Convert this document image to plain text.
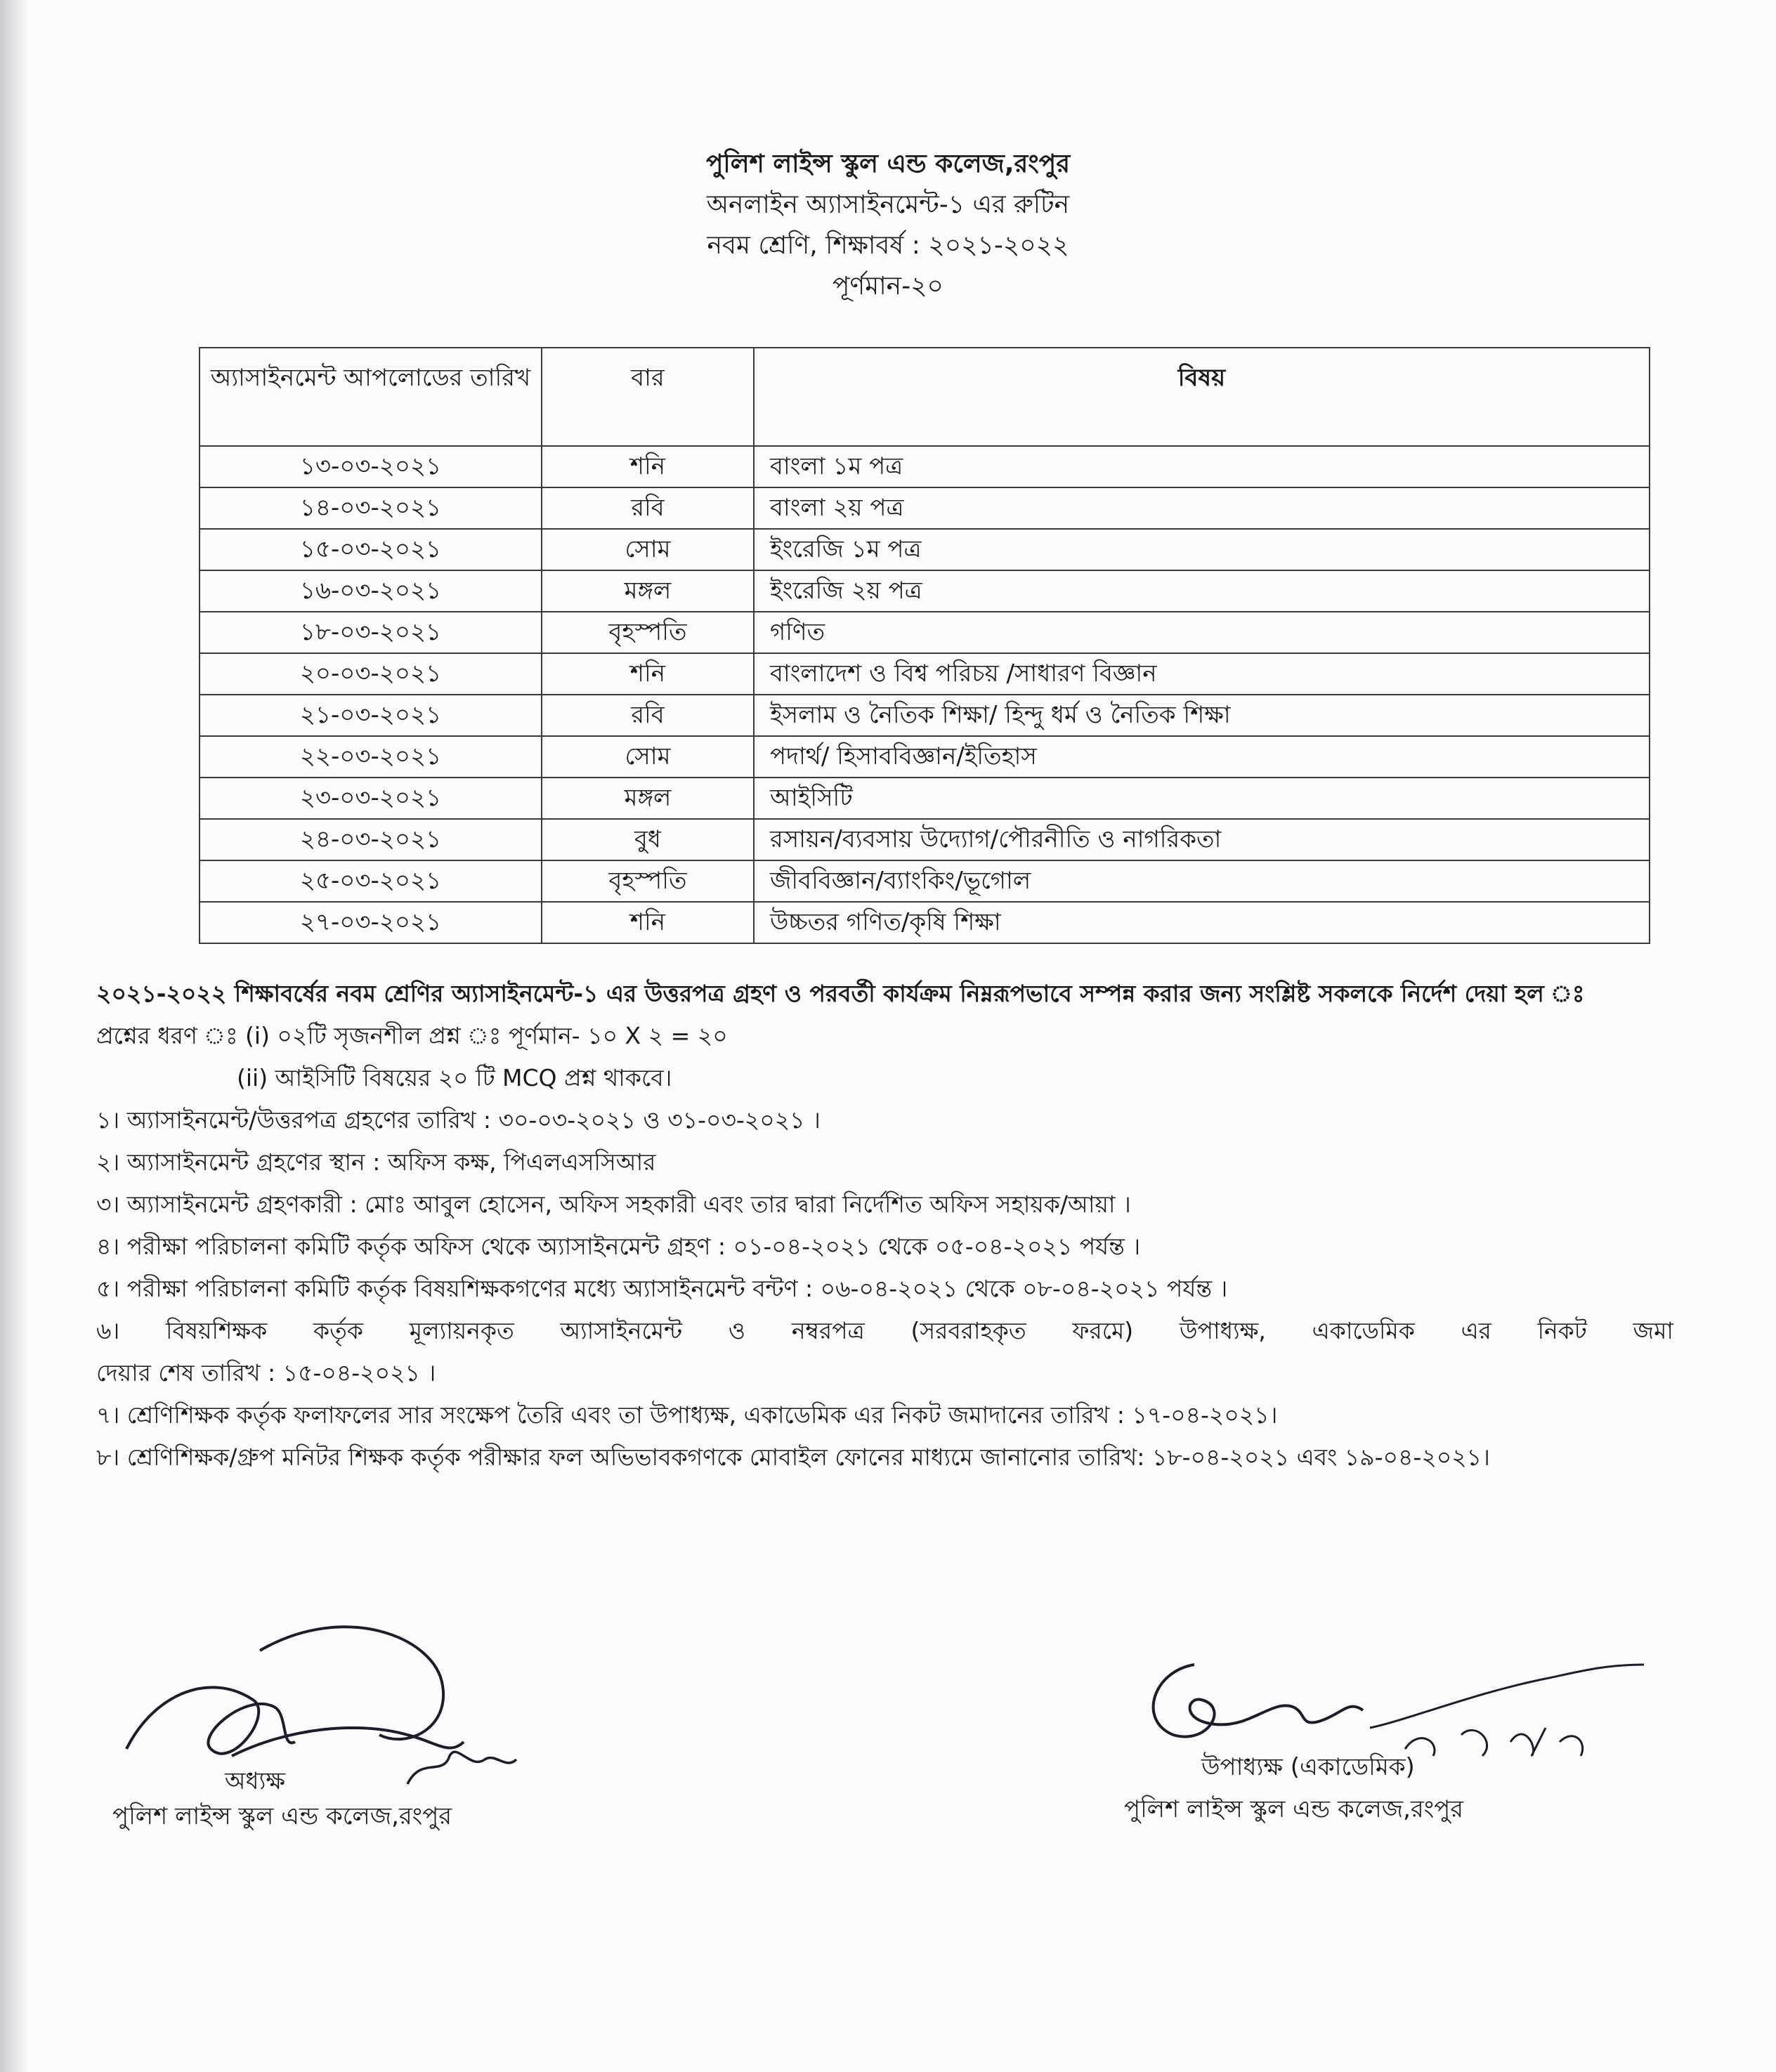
পুলিশ লাইন্স স্কুল এন্ড কলেজ,রংপুর
অনলাইন অ্যাসাইনমেন্ট-১ এর রুটিন
নবম শ্রেণি, শিক্ষাবর্ষ : ২০২১-২০২২
পূর্ণমান-২০
অ্যাসাইনমেন্ট আপলোডের তারিখ	বার	বিষয়
১৩-০৩-২০২১	শনি	বাংলা ১ম পত্র
১৪-০৩-২০২১	রবি	বাংলা ২য় পত্র
১৫-০৩-২০২১	সোম	ইংরেজি ১ম পত্র
১৬-০৩-২০২১	মঙ্গল	ইংরেজি ২য় পত্র
১৮-০৩-২০২১	বৃহস্পতি	গণিত
২০-০৩-২০২১	শনি	বাংলাদেশ ও বিশ্ব পরিচয় /সাধারণ বিজ্ঞান
২১-০৩-২০২১	রবি	ইসলাম ও নৈতিক শিক্ষা/ হিন্দু ধর্ম ও নৈতিক শিক্ষা
২২-০৩-২০২১	সোম	পদার্থ/ হিসাববিজ্ঞান/ইতিহাস
২৩-০৩-২০২১	মঙ্গল	আইসিটি
২৪-০৩-২০২১	বুধ	রসায়ন/ব্যবসায় উদ্যোগ/পৌরনীতি ও নাগরিকতা
২৫-০৩-২০২১	বৃহস্পতি	জীববিজ্ঞান/ব্যাংকিং/ভূগোল
২৭-০৩-২০২১	শনি	উচ্চতর গণিত/কৃষি শিক্ষা
২০২১-২০২২ শিক্ষাবর্ষের নবম শ্রেণির অ্যাসাইনমেন্ট-১ এর উত্তরপত্র গ্রহণ ও পরবর্তী কার্যক্রম নিম্নরূপভাবে সম্পন্ন করার জন্য সংশ্লিষ্ট সকলকে নির্দেশ দেয়া হল ঃ
প্রশ্নের ধরণ ঃ (i) ০২টি সৃজনশীল প্রশ্ন ঃ পূর্ণমান- ১০ X ২ = ২০
(ii) আইসিটি বিষয়ের ২০ টি MCQ প্রশ্ন থাকবে।
১। অ্যাসাইনমেন্ট/উত্তরপত্র গ্রহণের তারিখ : ৩০-০৩-২০২১ ও ৩১-০৩-২০২১ ।
২। অ্যাসাইনমেন্ট গ্রহণের স্থান : অফিস কক্ষ, পিএলএসসিআর
৩। অ্যাসাইনমেন্ট গ্রহণকারী : মোঃ আবুল হোসেন, অফিস সহকারী এবং তার দ্বারা নির্দেশিত অফিস সহায়ক/আয়া ।
৪। পরীক্ষা পরিচালনা কমিটি কর্তৃক অফিস থেকে অ্যাসাইনমেন্ট গ্রহণ : ০১-০৪-২০২১ থেকে ০৫-০৪-২০২১ পর্যন্ত ।
৫। পরীক্ষা পরিচালনা কমিটি কর্তৃক বিষয়শিক্ষকগণের মধ্যে অ্যাসাইনমেন্ট বন্টণ : ০৬-০৪-২০২১ থেকে ০৮-০৪-২০২১ পর্যন্ত ।
৬। বিষয়শিক্ষক কর্তৃক মূল্যায়নকৃত অ্যাসাইনমেন্ট ও নম্বরপত্র (সরবরাহকৃত ফরমে) উপাধ্যক্ষ, একাডেমিক এর নিকট জমা
দেয়ার শেষ তারিখ : ১৫-০৪-২০২১ ।
৭। শ্রেণিশিক্ষক কর্তৃক ফলাফলের সার সংক্ষেপ তৈরি এবং তা উপাধ্যক্ষ, একাডেমিক এর নিকট জমাদানের তারিখ : ১৭-০৪-২০২১।
৮। শ্রেণিশিক্ষক/গ্রুপ মনিটর শিক্ষক কর্তৃক পরীক্ষার ফল অভিভাবকগণকে মোবাইল ফোনের মাধ্যমে জানানোর তারিখ: ১৮-০৪-২০২১ এবং ১৯-০৪-২০২১।
অধ্যক্ষ
পুলিশ লাইন্স স্কুল এন্ড কলেজ,রংপুর
উপাধ্যক্ষ (একাডেমিক)
পুলিশ লাইন্স স্কুল এন্ড কলেজ,রংপুর
